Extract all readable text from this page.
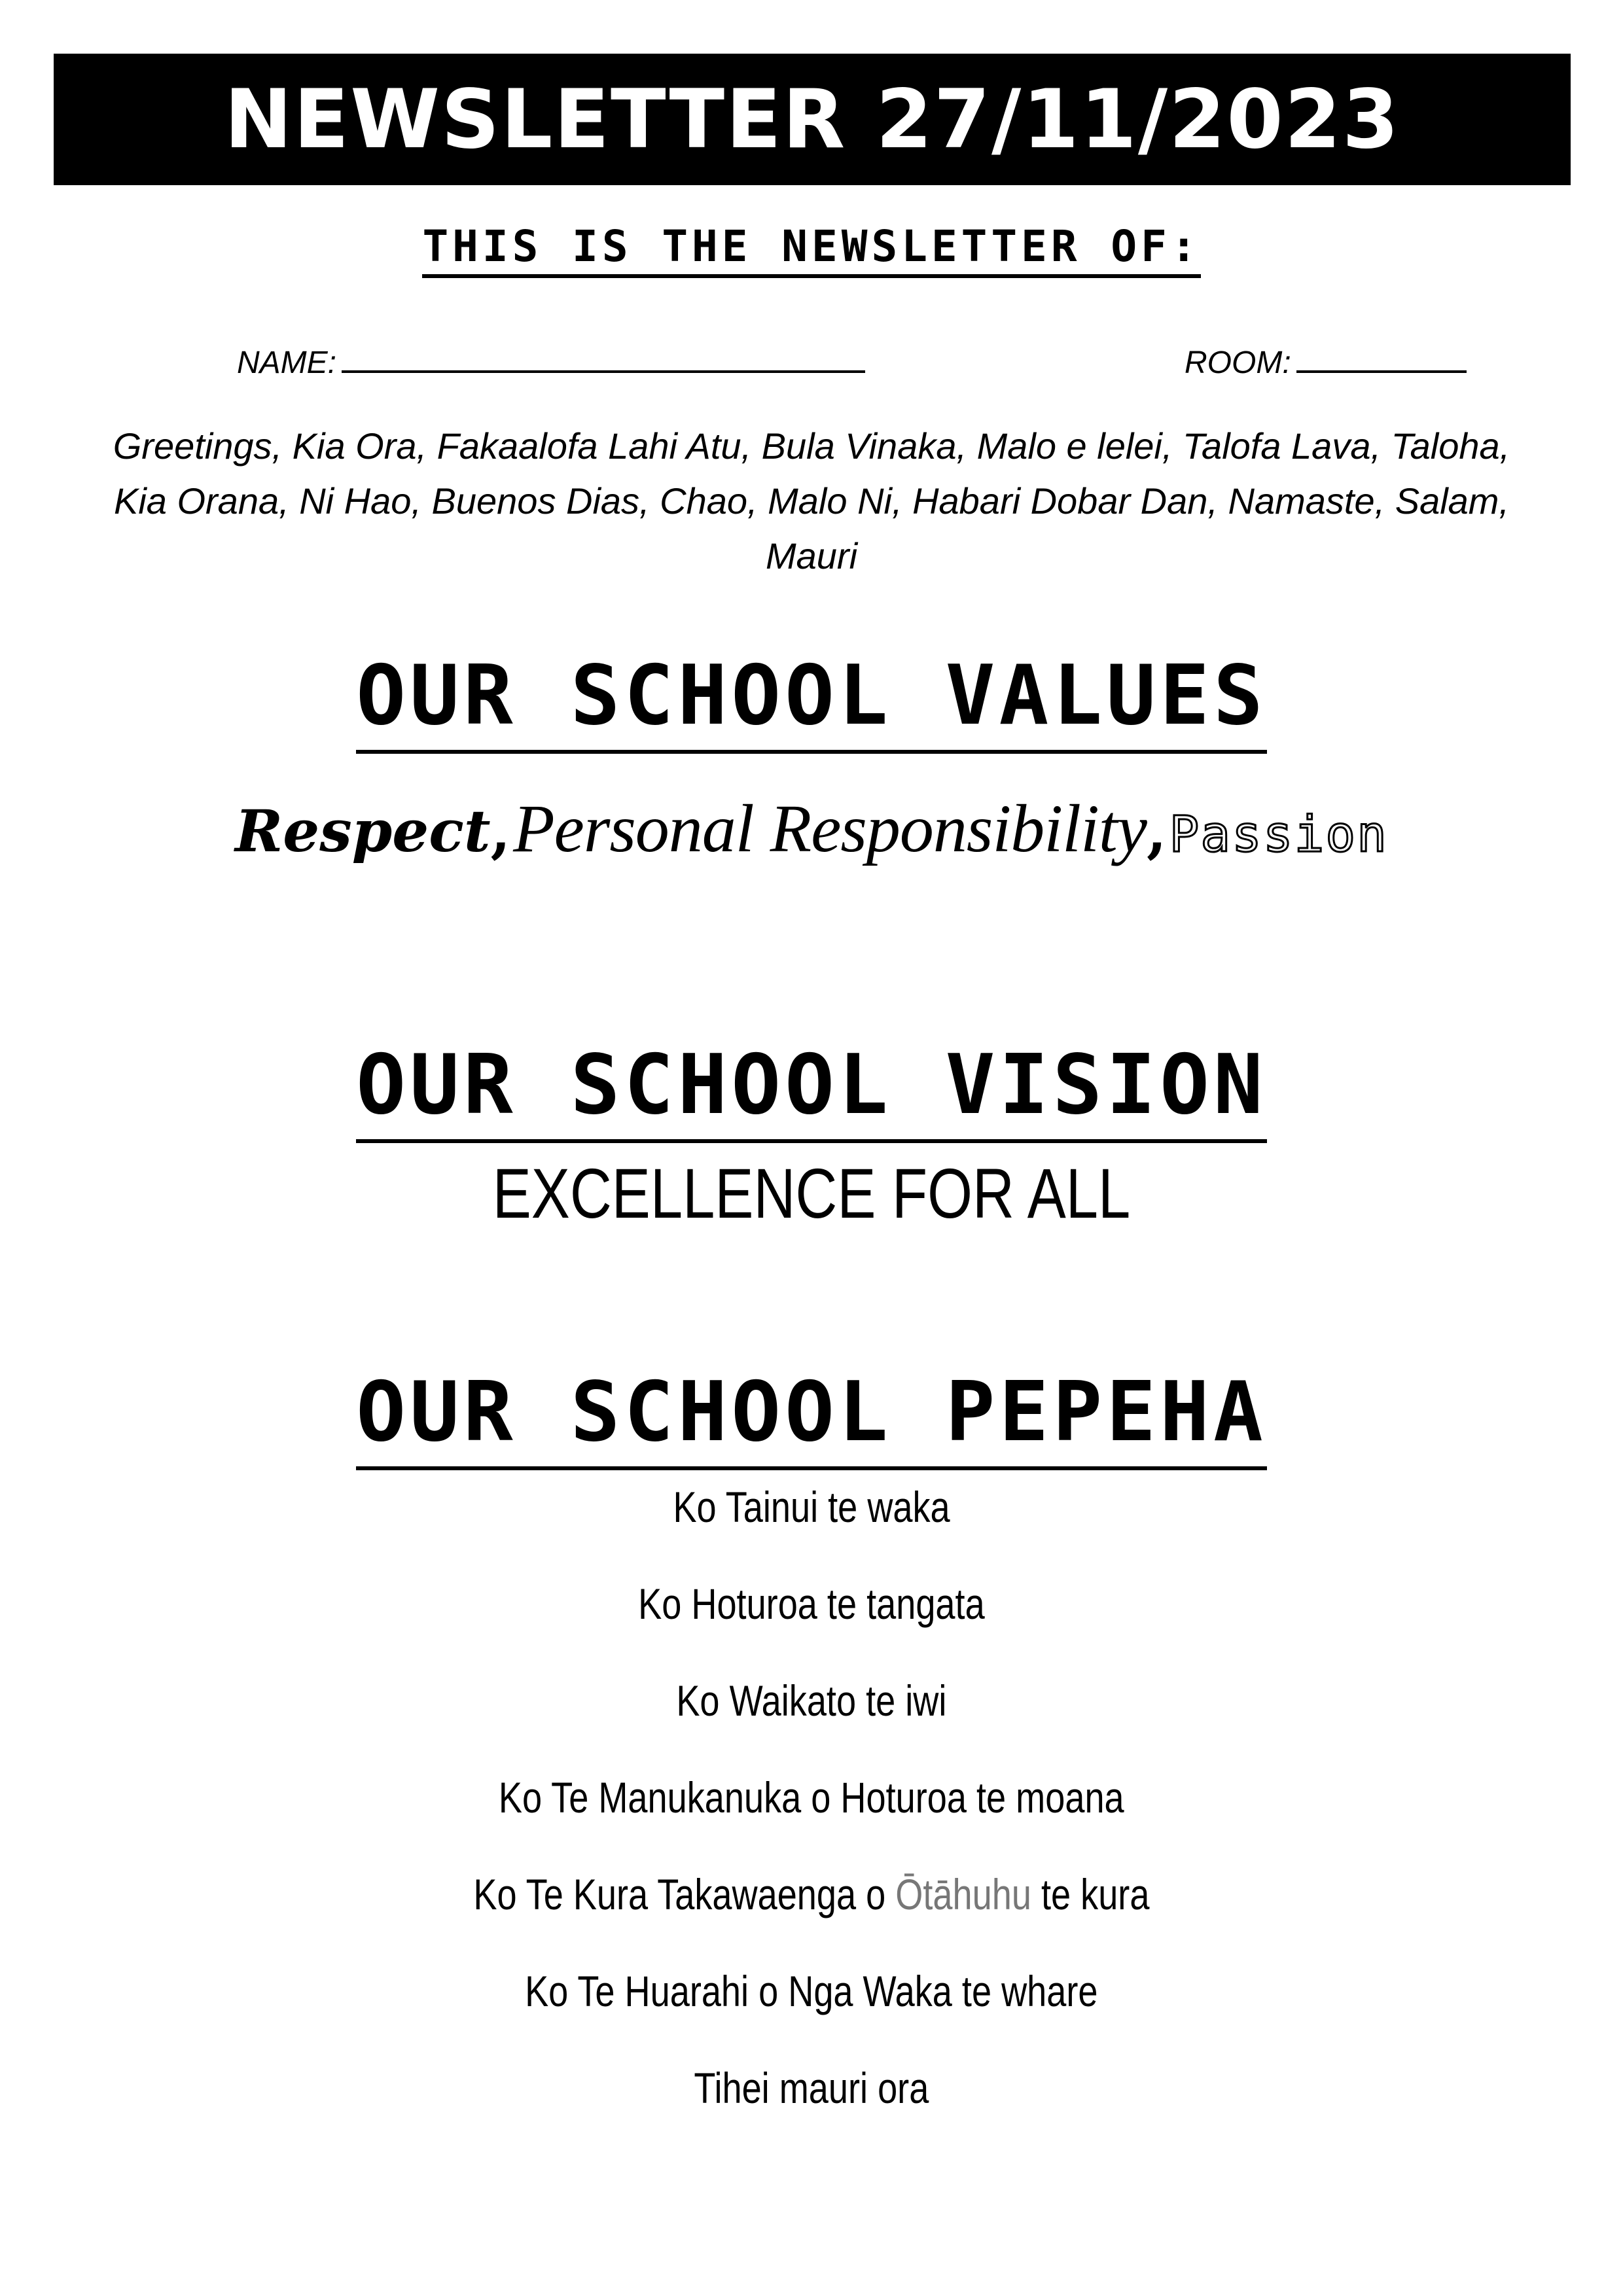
NEWSLETTER 27/11/2023
THIS IS THE NEWSLETTER OF:
NAME:	ROOM:
Greetings, Kia Ora, Fakaalofa Lahi Atu, Bula Vinaka, Malo e lelei, Talofa Lava, Taloha, Kia Orana, Ni Hao, Buenos Dias, Chao, Malo Ni, Habari Dobar Dan, Namaste, Salam, Mauri
OUR SCHOOL VALUES
Respect, Personal Responsibility, Passion
OUR SCHOOL VISION
EXCELLENCE FOR ALL
OUR SCHOOL PEPEHA
Ko Tainui te waka
Ko Hoturoa te tangata
Ko Waikato te iwi
Ko Te Manukanuka o Hoturoa te moana
Ko Te Kura Takawaenga o Ōtāhuhu te kura
Ko Te Huarahi o Nga Waka te whare
Tihei mauri ora
